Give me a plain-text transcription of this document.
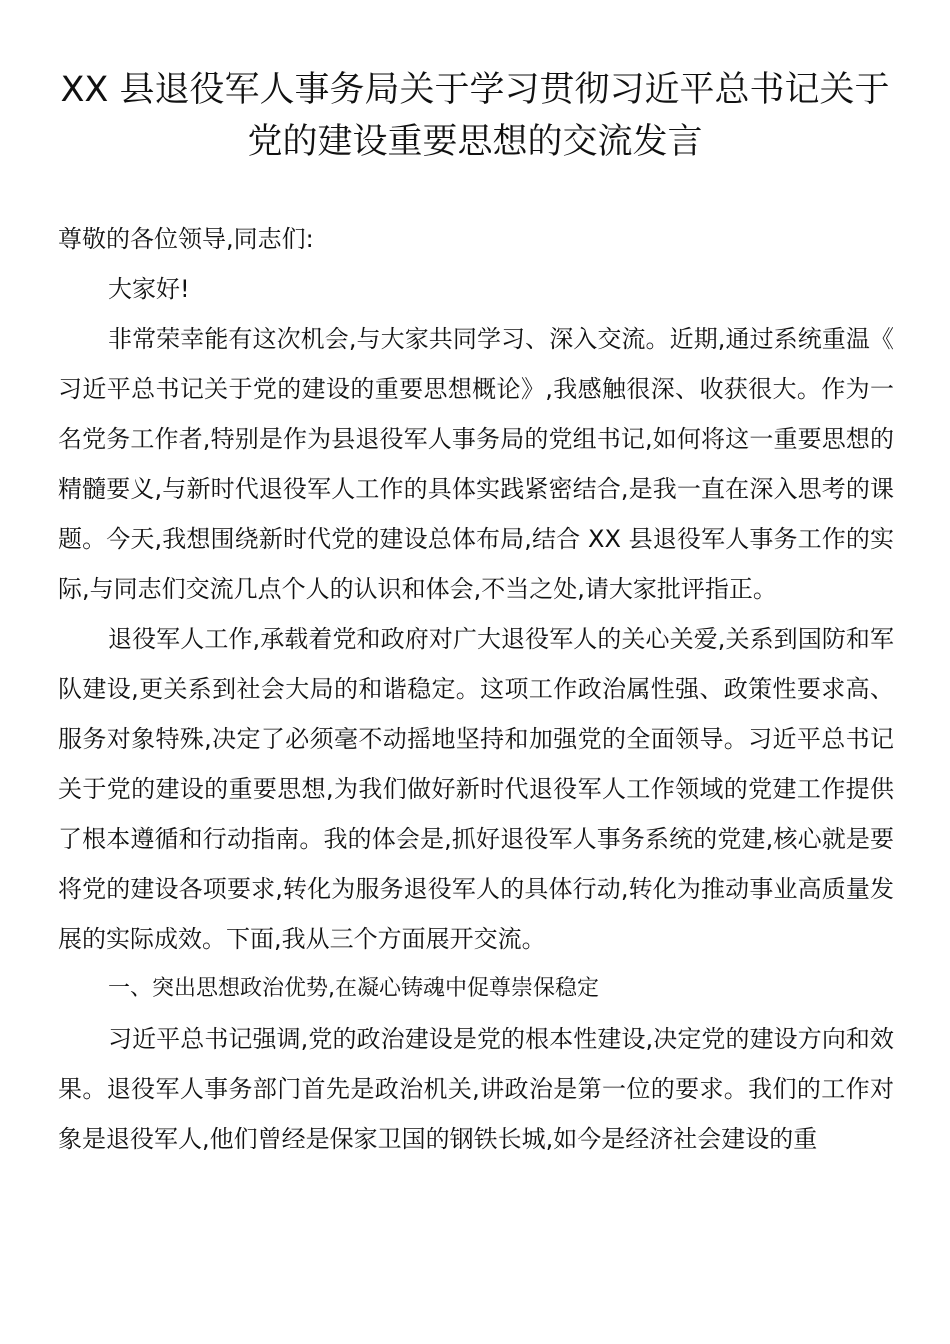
XX 县退役军人事务局关于学习贯彻习近平总书记关于
党的建设重要思想的交流发言

尊敬的各位领导,同志们:

大家好!

非常荣幸能有这次机会,与大家共同学习、深入交流。近期,通过系统重温《习近平总书记关于党的建设的重要思想概论》,我感触很深、收获很大。作为一名党务工作者,特别是作为县退役军人事务局的党组书记,如何将这一重要思想的精髓要义,与新时代退役军人工作的具体实践紧密结合,是我一直在深入思考的课题。今天,我想围绕新时代党的建设总体布局,结合 XX 县退役军人事务工作的实际,与同志们交流几点个人的认识和体会,不当之处,请大家批评指正。

退役军人工作,承载着党和政府对广大退役军人的关心关爱,关系到国防和军队建设,更关系到社会大局的和谐稳定。这项工作政治属性强、政策性要求高、服务对象特殊,决定了必须毫不动摇地坚持和加强党的全面领导。习近平总书记关于党的建设的重要思想,为我们做好新时代退役军人工作领域的党建工作提供了根本遵循和行动指南。我的体会是,抓好退役军人事务系统的党建,核心就是要将党的建设各项要求,转化为服务退役军人的具体行动,转化为推动事业高质量发展的实际成效。下面,我从三个方面展开交流。

一、突出思想政治优势,在凝心铸魂中促尊崇保稳定

习近平总书记强调,党的政治建设是党的根本性建设,决定党的建设方向和效果。退役军人事务部门首先是政治机关,讲政治是第一位的要求。我们的工作对象是退役军人,他们曾经是保家卫国的钢铁长城,如今是经济社会建设的重
